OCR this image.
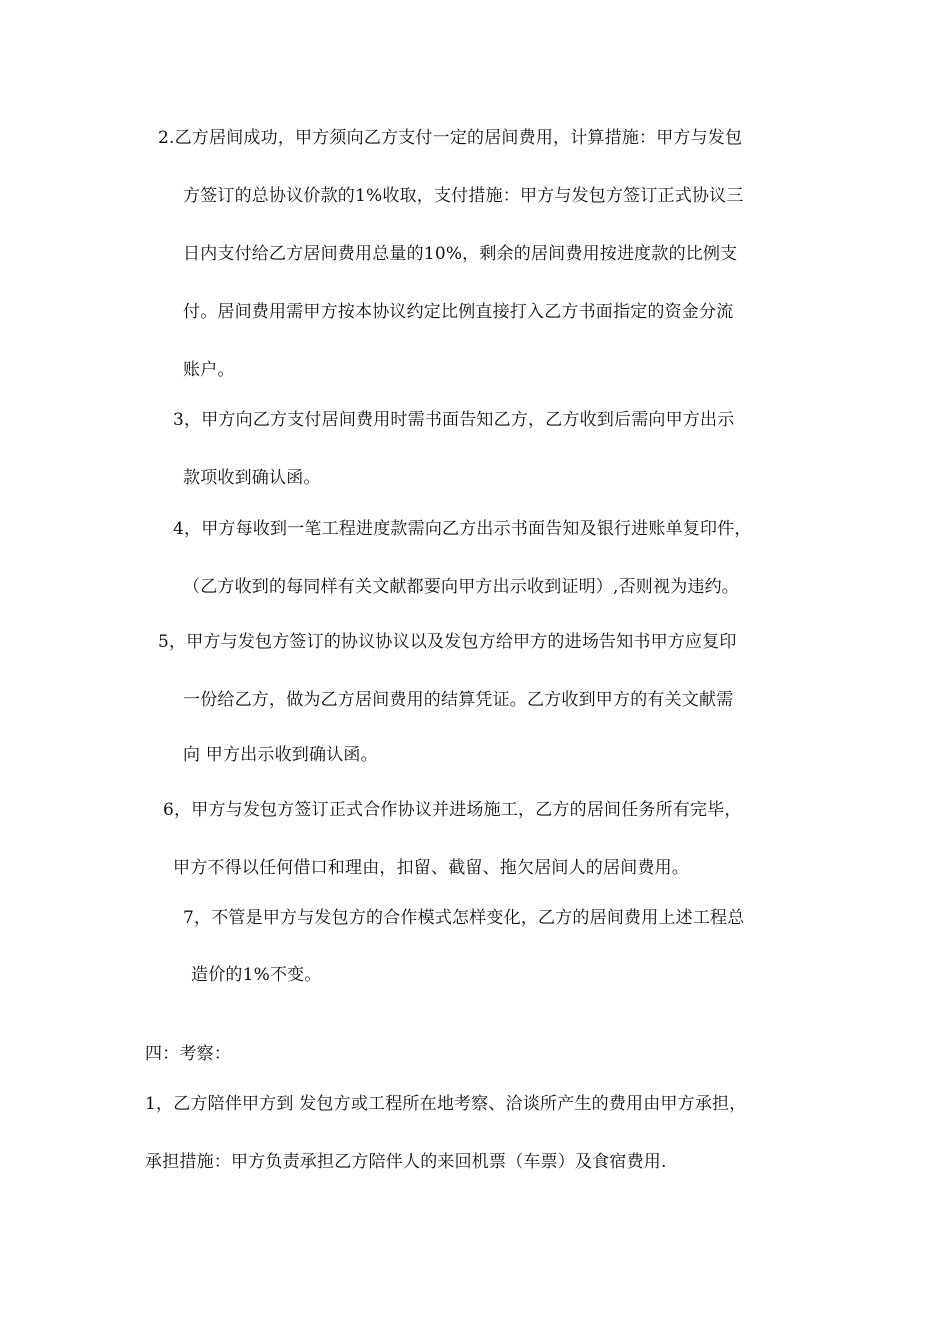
2.乙方居间成功，甲方须向乙方支付一定的居间费用，计算措施：甲方与发包
方签订的总协议价款的1%收取，支付措施：甲方与发包方签订正式协议三
日内支付给乙方居间费用总量的10%，剩余的居间费用按进度款的比例支
付。居间费用需甲方按本协议约定比例直接打入乙方书面指定的资金分流
账户。
3，甲方向乙方支付居间费用时需书面告知乙方，乙方收到后需向甲方出示
款项收到确认函。
4，甲方每收到一笔工程进度款需向乙方出示书面告知及银行进账单复印件，
（乙方收到的每同样有关文献都要向甲方出示收到证明）,否则视为违约。
5，甲方与发包方签订的协议协议以及发包方给甲方的进场告知书甲方应复印
一份给乙方，做为乙方居间费用的结算凭证。乙方收到甲方的有关文献需
向 甲方出示收到确认函。
6，甲方与发包方签订正式合作协议并进场施工，乙方的居间任务所有完毕，
甲方不得以任何借口和理由，扣留、截留、拖欠居间人的居间费用。
7，不管是甲方与发包方的合作模式怎样变化，乙方的居间费用上述工程总
造价的1%不变。
四：考察：
1，乙方陪伴甲方到 发包方或工程所在地考察、洽谈所产生的费用由甲方承担，
承担措施：甲方负责承担乙方陪伴人的来回机票（车票）及食宿费用.
